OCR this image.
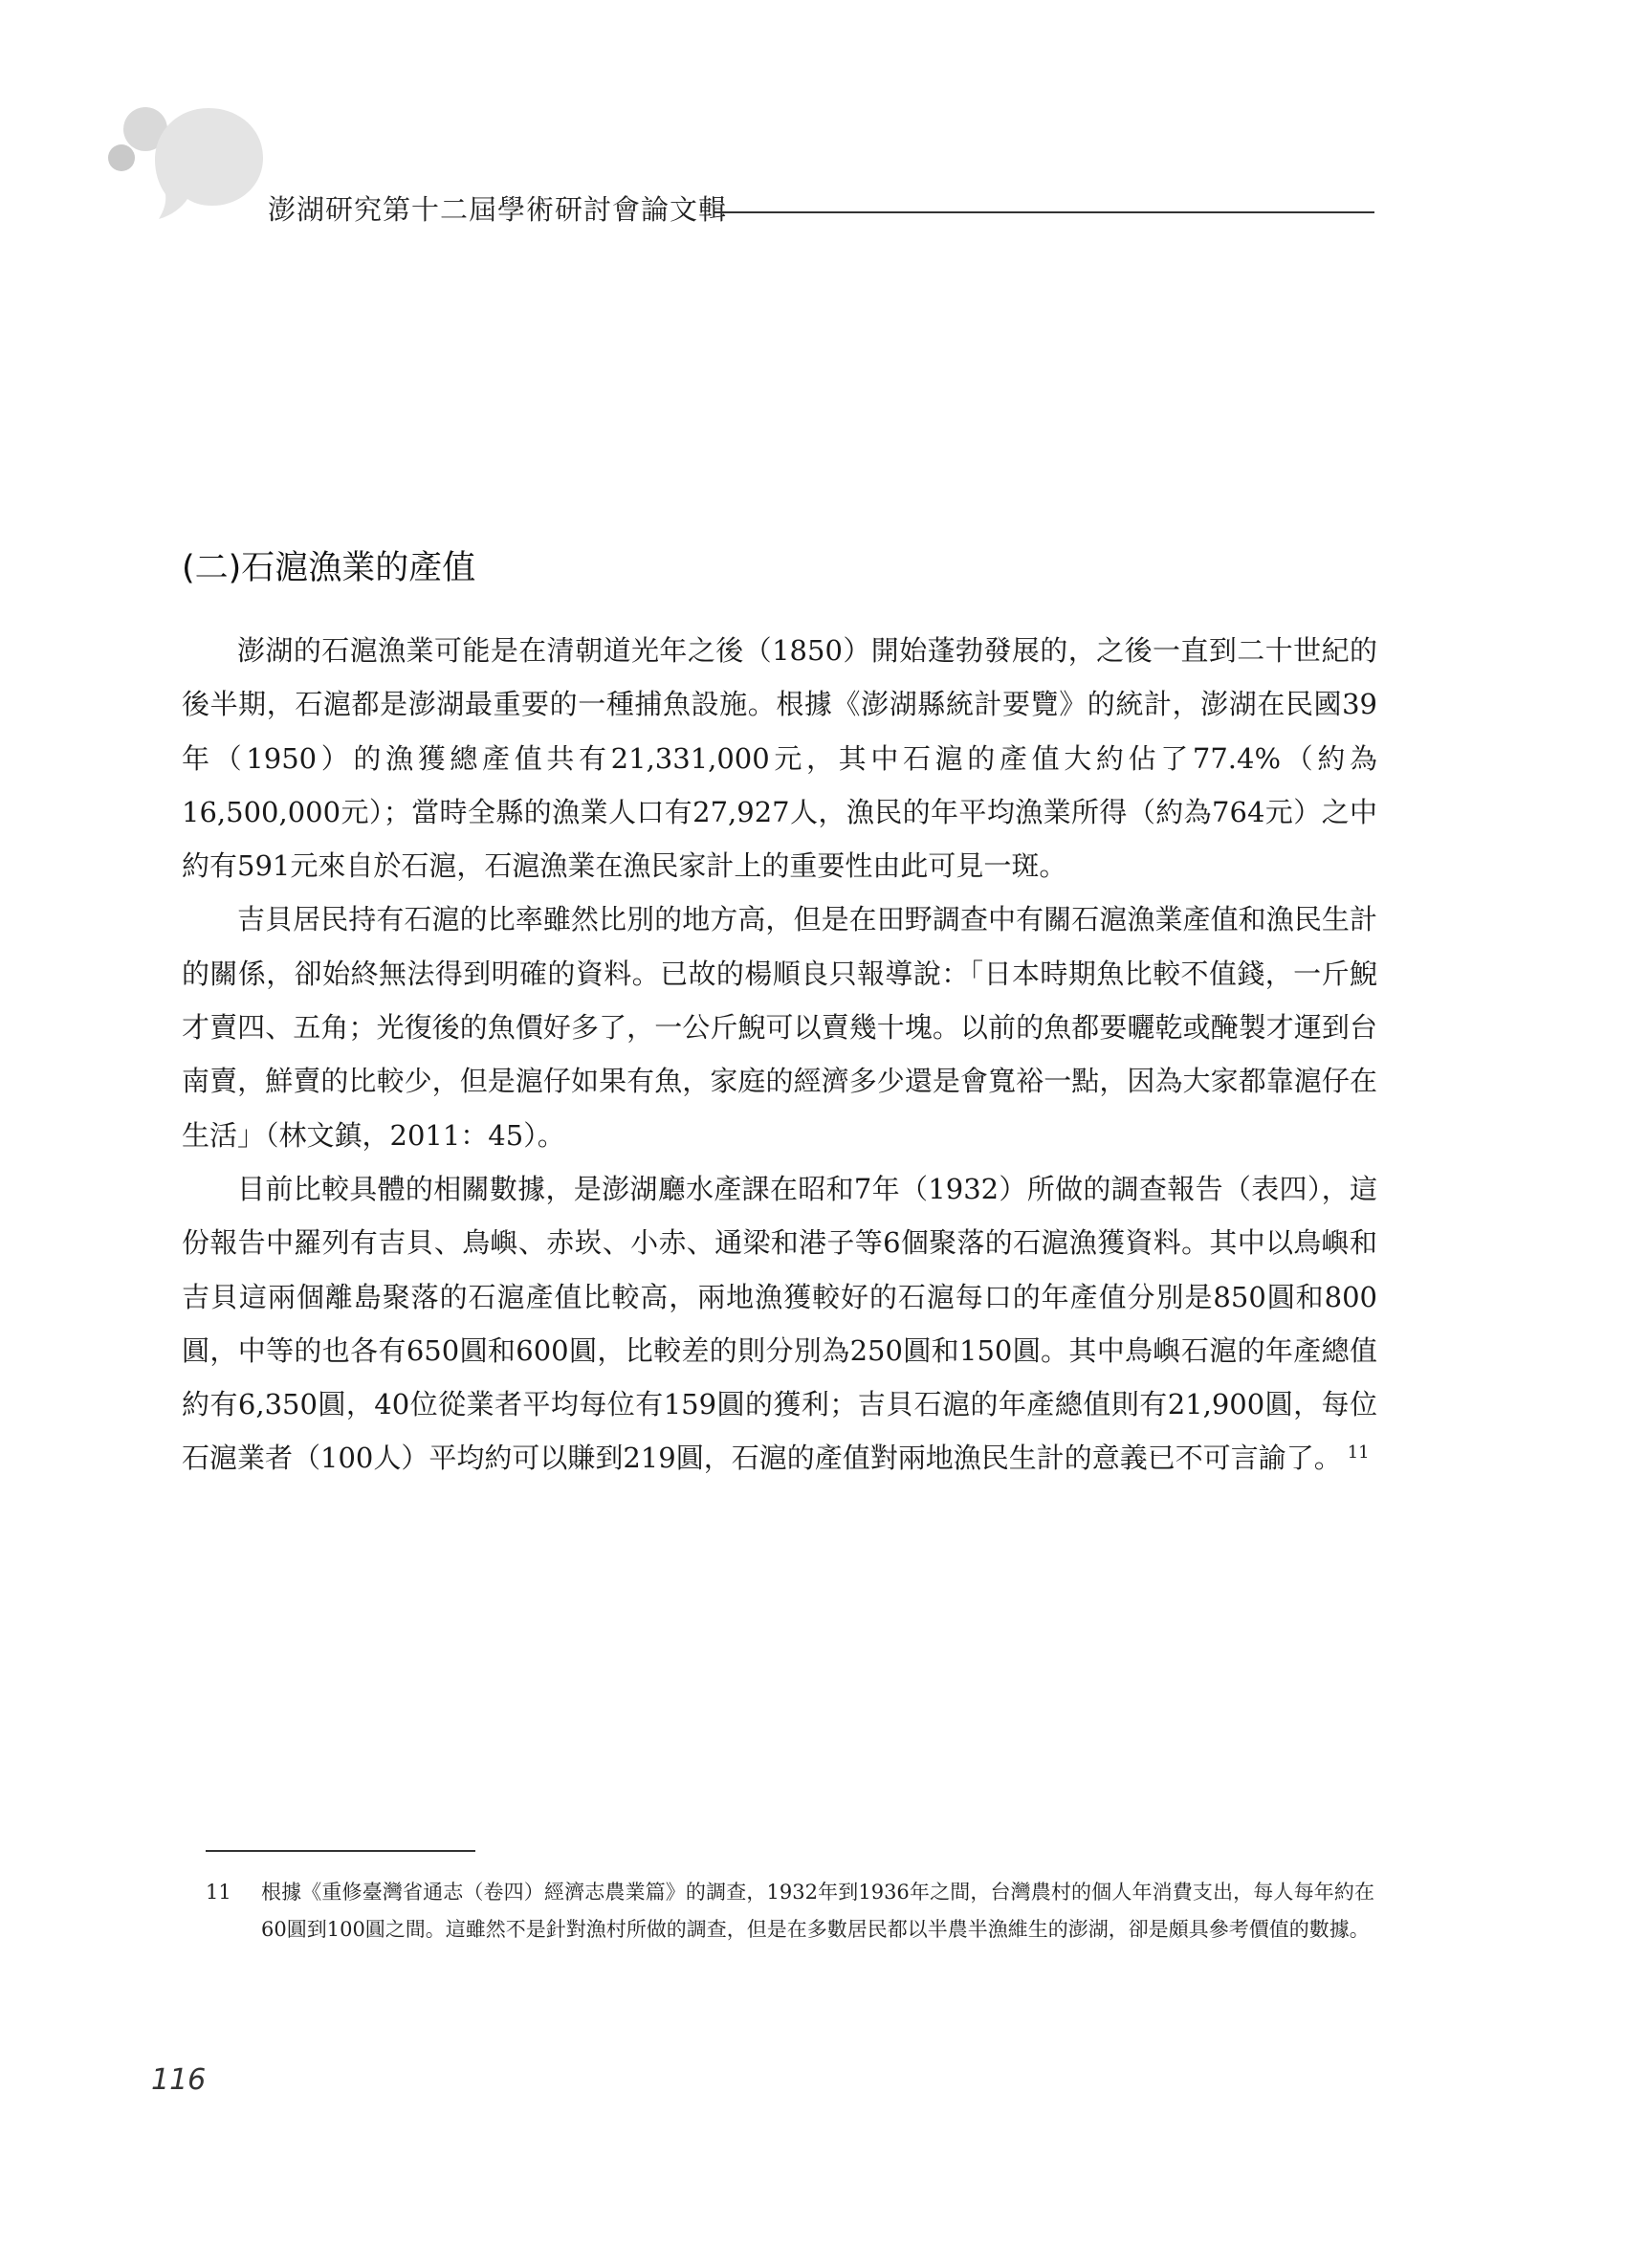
澎湖研究第十二屆學術研討會論文輯
(二)石滬漁業的產值

澎湖的石滬漁業可能是在清朝道光年之後（1850）開始蓬勃發展的，之後一直到二十世紀的後半期，石滬都是澎湖最重要的一種捕魚設施。根據《澎湖縣統計要覽》的統計，澎湖在民國39年（1950）的漁獲總產值共有21,331,000元，其中石滬的產值大約佔了77.4%（約為16,500,000元）；當時全縣的漁業人口有27,927人，漁民的年平均漁業所得（約為764元）之中約有591元來自於石滬，石滬漁業在漁民家計上的重要性由此可見一斑。

吉貝居民持有石滬的比率雖然比別的地方高，但是在田野調查中有關石滬漁業產值和漁民生計的關係，卻始終無法得到明確的資料。已故的楊順良只報導說：「日本時期魚比較不值錢，一斤鯢才賣四、五角；光復後的魚價好多了，一公斤鯢可以賣幾十塊。以前的魚都要曬乾或醃製才運到台南賣，鮮賣的比較少，但是滬仔如果有魚，家庭的經濟多少還是會寬裕一點，因為大家都靠滬仔在生活」（林文鎮，2011：45）。

目前比較具體的相關數據，是澎湖廳水產課在昭和7年（1932）所做的調查報告（表四），這份報告中羅列有吉貝、鳥嶼、赤崁、小赤、通梁和港子等6個聚落的石滬漁獲資料。其中以鳥嶼和吉貝這兩個離島聚落的石滬產值比較高，兩地漁獲較好的石滬每口的年產值分別是850圓和800圓，中等的也各有650圓和600圓，比較差的則分別為250圓和150圓。其中鳥嶼石滬的年產總值約有6,350圓，40位從業者平均每位有159圓的獲利；吉貝石滬的年產總值則有21,900圓，每位石滬業者（100人）平均約可以賺到219圓，石滬的產值對兩地漁民生計的意義已不可言諭了。 $^{11}$

11 根據《重修臺灣省通志（卷四）經濟志農業篇》的調查，1932年到1936年之間，台灣農村的個人年消費支出，每人每年約在60圓到100圓之間。這雖然不是針對漁村所做的調查，但是在多數居民都以半農半漁維生的澎湖，卻是頗具參考價值的數據。
116
